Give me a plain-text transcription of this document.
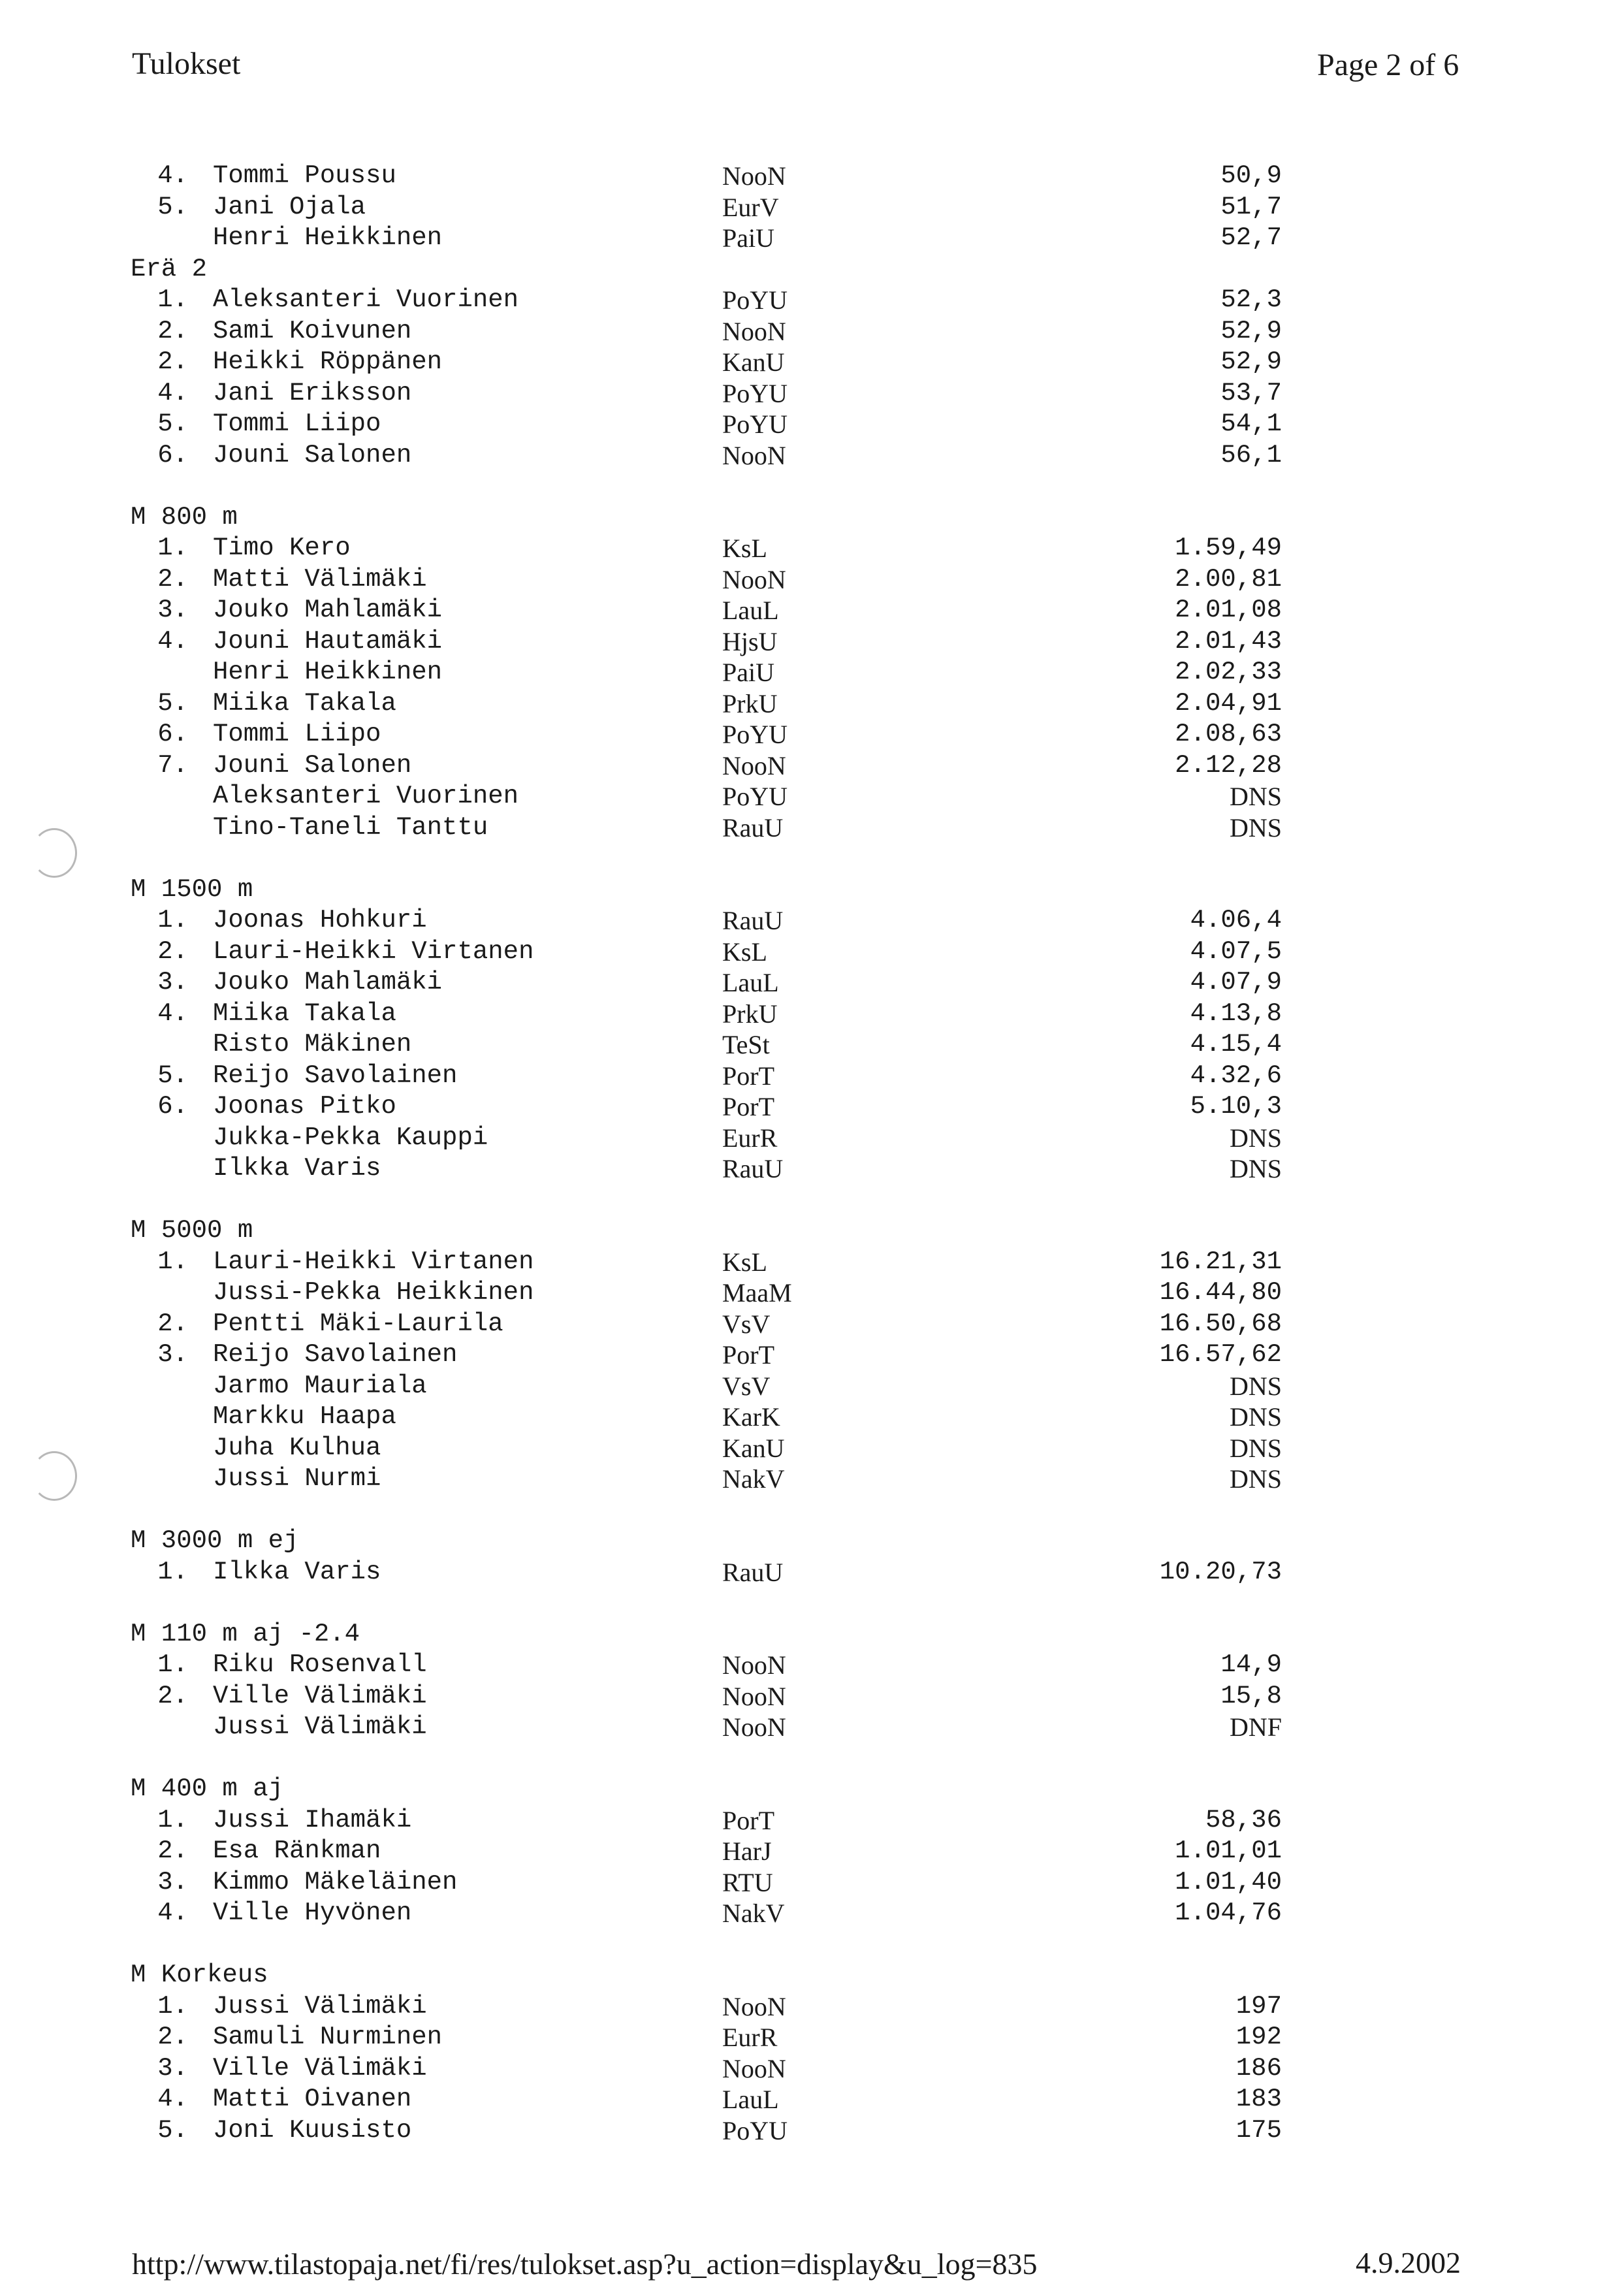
Tulokset	Page 2 of 6
4. Tommi Poussu	NooN	50,9
5. Jani Ojala	EurV	51,7
Henri Heikkinen	PaiU	52,7
Erä 2
1. Aleksanteri Vuorinen	PoYU	52,3
2. Sami Koivunen	NooN	52,9
2. Heikki Röppänen	KanU	52,9
4. Jani Eriksson	PoYU	53,7
5. Tommi Liipo	PoYU	54,1
6. Jouni Salonen	NooN	56,1
M 800 m
1. Timo Kero	KsL	1.59,49
2. Matti Välimäki	NooN	2.00,81
3. Jouko Mahlamäki	LauL	2.01,08
4. Jouni Hautamäki	HjsU	2.01,43
Henri Heikkinen	PaiU	2.02,33
5. Miika Takala	PrkU	2.04,91
6. Tommi Liipo	PoYU	2.08,63
7. Jouni Salonen	NooN	2.12,28
Aleksanteri Vuorinen	PoYU	DNS
Tino-Taneli Tanttu	RauU	DNS
M 1500 m
1. Joonas Hohkuri	RauU	4.06,4
2. Lauri-Heikki Virtanen	KsL	4.07,5
3. Jouko Mahlamäki	LauL	4.07,9
4. Miika Takala	PrkU	4.13,8
Risto Mäkinen	TeSt	4.15,4
5. Reijo Savolainen	PorT	4.32,6
6. Joonas Pitko	PorT	5.10,3
Jukka-Pekka Kauppi	EurR	DNS
Ilkka Varis	RauU	DNS
M 5000 m
1. Lauri-Heikki Virtanen	KsL	16.21,31
Jussi-Pekka Heikkinen	MaaM	16.44,80
2. Pentti Mäki-Laurila	VsV	16.50,68
3. Reijo Savolainen	PorT	16.57,62
Jarmo Mauriala	VsV	DNS
Markku Haapa	KarK	DNS
Juha Kulhua	KanU	DNS
Jussi Nurmi	NakV	DNS
M 3000 m ej
1. Ilkka Varis	RauU	10.20,73
M 110 m aj -2.4
1. Riku Rosenvall	NooN	14,9
2. Ville Välimäki	NooN	15,8
Jussi Välimäki	NooN	DNF
M 400 m aj
1. Jussi Ihamäki	PorT	58,36
2. Esa Ränkman	HarJ	1.01,01
3. Kimmo Mäkeläinen	RTU	1.01,40
4. Ville Hyvönen	NakV	1.04,76
M Korkeus
1. Jussi Välimäki	NooN	197
2. Samuli Nurminen	EurR	192
3. Ville Välimäki	NooN	186
4. Matti Oivanen	LauL	183
5. Joni Kuusisto	PoYU	175
http://www.tilastopaja.net/fi/res/tulokset.asp?u_action=display&u_log=835	4.9.2002
